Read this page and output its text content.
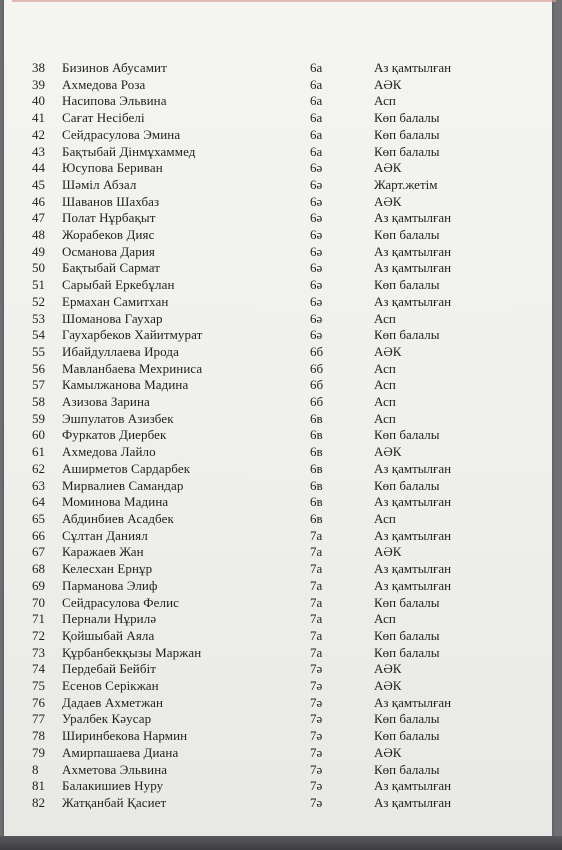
38	Бизинов Абусамит	6а	Аз қамтылған
39	Ахмедова Роза	6а	АӘК
40	Насипова Эльвина	6а	Асп
41	Сағат Несібелі	6а	Көп балалы
42	Сейдрасулова Эмина	6а	Көп балалы
43	Бақтыбай Дінмұхаммед	6а	Көп балалы
44	Юсупова Бериван	6ә	АӘК
45	Шәміл Абзал	6ә	Жарт.жетім
46	Шаванов Шахбаз	6ә	АӘК
47	Полат Нұрбақыт	6ә	Аз қамтылған
48	Жорабеков Дияс	6ә	Көп балалы
49	Османова Дария	6ә	Аз қамтылған
50	Бақтыбай Сармат	6ә	Аз қамтылған
51	Сарыбай Еркебұлан	6ә	Көп балалы
52	Ермахан Самитхан	6ә	Аз қамтылған
53	Шоманова Гаухар	6ә	Асп
54	Гаухарбеков Хайитмурат	6ә	Көп балалы
55	Ибайдуллаева Ирода	6б	АӘК
56	Мавланбаева Мехриниса	6б	Асп
57	Камылжанова Мадина	6б	Асп
58	Азизова Зарина	6б	Асп
59	Эшпулатов Азизбек	6в	Асп
60	Фуркатов Диербек	6в	Көп балалы
61	Ахмедова Лайло	6в	АӘК
62	Аширметов Сардарбек	6в	Аз қамтылған
63	Мирвалиев Самандар	6в	Көп балалы
64	Моминова Мадина	6в	Аз қамтылған
65	Абдинбиев Асадбек	6в	Асп
66	Сұлтан Даниял	7а	Аз қамтылған
67	Каражаев Жан	7а	АӘК
68	Келесхан Ернұр	7а	Аз қамтылған
69	Парманова Элиф	7а	Аз қамтылған
70	Сейдрасулова Фелис	7а	Көп балалы
71	Пернали Нұрилә	7а	Асп
72	Қойшыбай Аяла	7а	Көп балалы
73	Құрбанбекқызы Маржан	7а	Көп балалы
74	Пердебай Бейбіт	7ә	АӘК
75	Есенов Серікжан	7ә	АӘК
76	Дадаев Ахметжан	7ә	Аз қамтылған
77	Уралбек Кәусар	7ә	Көп балалы
78	Ширинбекова Нармин	7ә	Көп балалы
79	Амирпашаева Диана	7ә	АӘК
8	Ахметова Эльвина	7ә	Көп балалы
81	Балакишиев Нуру	7ә	Аз қамтылған
82	Жатқанбай Қасиет	7ә	Аз қамтылған
